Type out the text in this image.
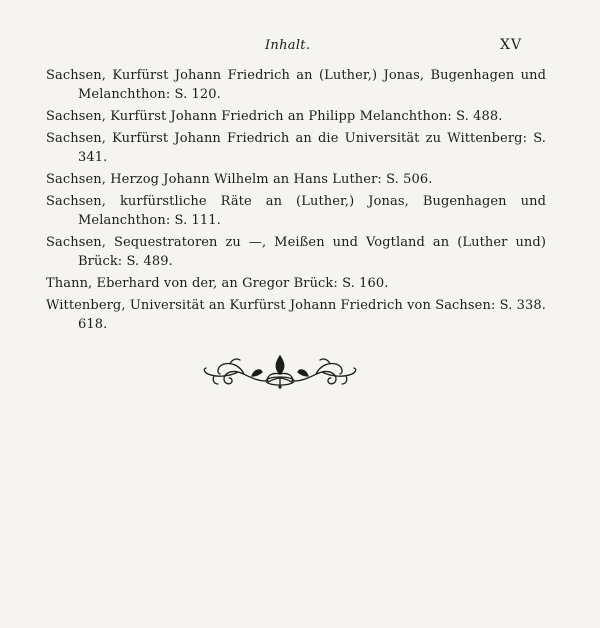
Inhalt.	XV

Sachsen, Kurfürst Johann Friedrich an (Luther,) Jonas, Bugenhagen und Melanchthon: S. 120.

Sachsen, Kurfürst Johann Friedrich an Philipp Melanchthon: S. 488.

Sachsen, Kurfürst Johann Friedrich an die Universität zu Wittenberg: S. 341.

Sachsen, Herzog Johann Wilhelm an Hans Luther: S. 506.

Sachsen, kurfürstliche Räte an (Luther,) Jonas, Bugenhagen und Melanchthon: S. 111.

Sachsen, Sequestratoren zu —, Meißen und Vogtland an (Luther und) Brück: S. 489.

Thann, Eberhard von der, an Gregor Brück: S. 160.

Wittenberg, Universität an Kurfürst Johann Friedrich von Sachsen: S. 338. 618.
